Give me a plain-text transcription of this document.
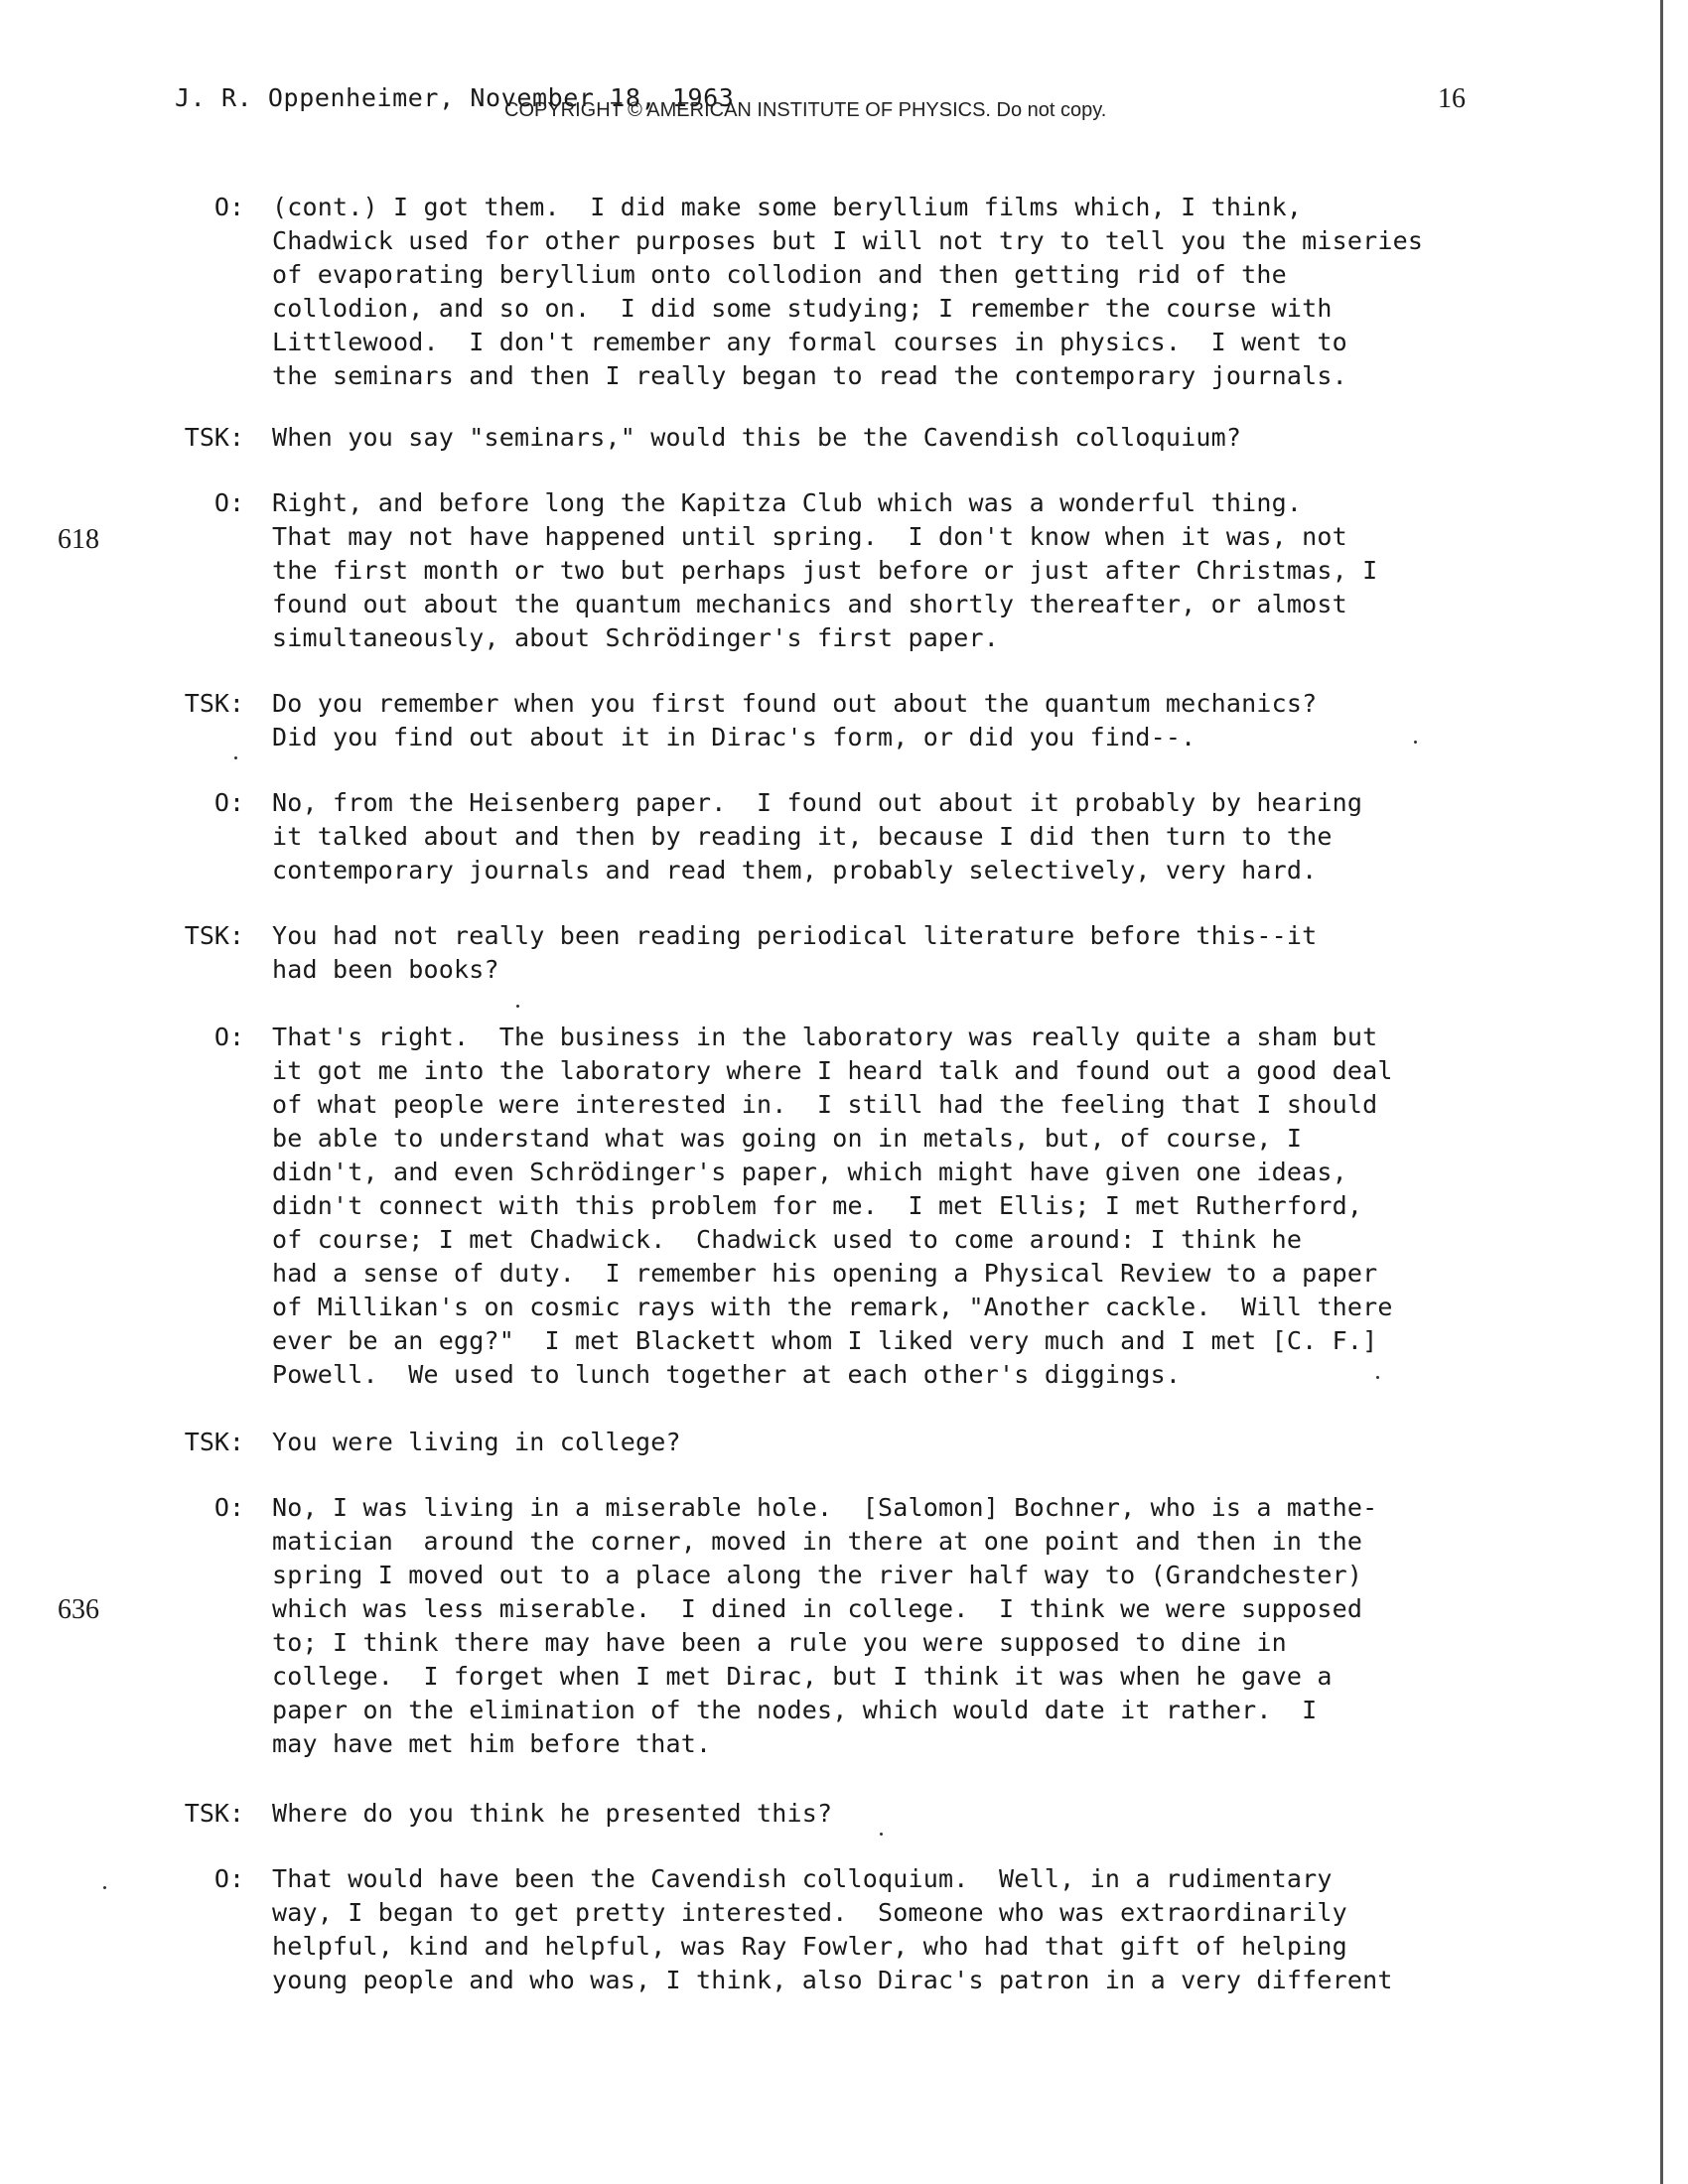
J. R. Oppenheimer, November 18, 1963
COPYRIGHT © AMERICAN INSTITUTE OF PHYSICS. Do not copy.	16
618
636
O: (cont.) I got them.  I did make some beryllium films which, I think,
Chadwick used for other purposes but I will not try to tell you the miseries
of evaporating beryllium onto collodion and then getting rid of the
collodion, and so on.  I did some studying; I remember the course with
Littlewood.  I don't remember any formal courses in physics.  I went to
the seminars and then I really began to read the contemporary journals.
TSK: When you say "seminars," would this be the Cavendish colloquium?
O: Right, and before long the Kapitza Club which was a wonderful thing.
That may not have happened until spring.  I don't know when it was, not
the first month or two but perhaps just before or just after Christmas, I
found out about the quantum mechanics and shortly thereafter, or almost
simultaneously, about Schrödinger's first paper.
TSK: Do you remember when you first found out about the quantum mechanics?
Did you find out about it in Dirac's form, or did you find--.
O: No, from the Heisenberg paper.  I found out about it probably by hearing
it talked about and then by reading it, because I did then turn to the
contemporary journals and read them, probably selectively, very hard.
TSK: You had not really been reading periodical literature before this--it
had been books?
O: That's right.  The business in the laboratory was really quite a sham but
it got me into the laboratory where I heard talk and found out a good deal
of what people were interested in.  I still had the feeling that I should
be able to understand what was going on in metals, but, of course, I
didn't, and even Schrödinger's paper, which might have given one ideas,
didn't connect with this problem for me.  I met Ellis; I met Rutherford,
of course; I met Chadwick.  Chadwick used to come around: I think he
had a sense of duty.  I remember his opening a Physical Review to a paper
of Millikan's on cosmic rays with the remark, "Another cackle.  Will there
ever be an egg?"  I met Blackett whom I liked very much and I met [C. F.]
Powell.  We used to lunch together at each other's diggings.
TSK: You were living in college?
O: No, I was living in a miserable hole.  [Salomon] Bochner, who is a mathe-
matician  around the corner, moved in there at one point and then in the
spring I moved out to a place along the river half way to (Grandchester)
which was less miserable.  I dined in college.  I think we were supposed
to; I think there may have been a rule you were supposed to dine in
college.  I forget when I met Dirac, but I think it was when he gave a
paper on the elimination of the nodes, which would date it rather.  I
may have met him before that.
TSK: Where do you think he presented this?
O: That would have been the Cavendish colloquium.  Well, in a rudimentary
way, I began to get pretty interested.  Someone who was extraordinarily
helpful, kind and helpful, was Ray Fowler, who had that gift of helping
young people and who was, I think, also Dirac's patron in a very different
